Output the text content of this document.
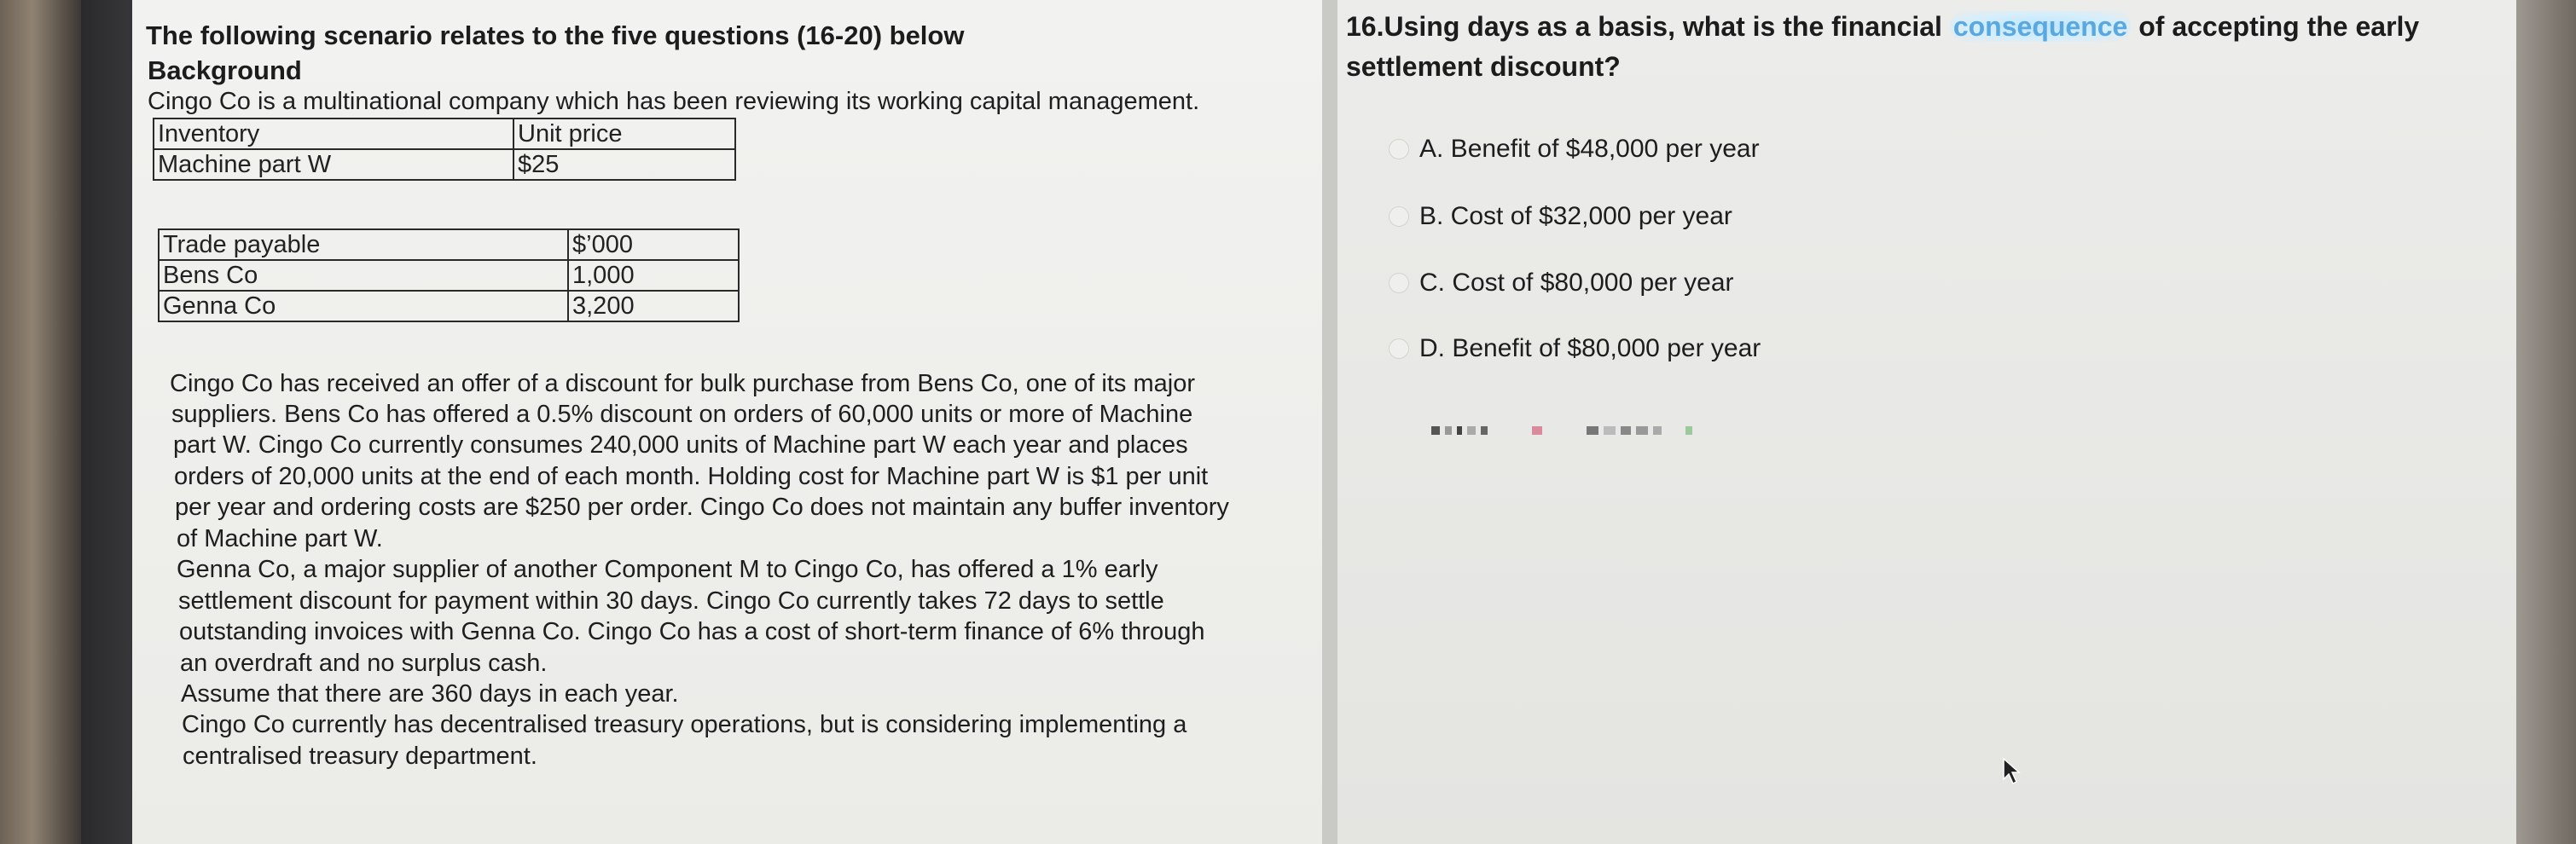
The following scenario relates to the five questions (16-20) below
Background
Cingo Co is a multinational company which has been reviewing its working capital management.
Inventory	Unit price
Machine part W	$25
Trade payable	$’000
Bens Co	1,000
Genna Co	3,200
Cingo Co has received an offer of a discount for bulk purchase from Bens Co, one of its major
suppliers. Bens Co has offered a 0.5% discount on orders of 60,000 units or more of Machine
part W. Cingo Co currently consumes 240,000 units of Machine part W each year and places
orders of 20,000 units at the end of each month. Holding cost for Machine part W is $1 per unit
per year and ordering costs are $250 per order. Cingo Co does not maintain any buffer inventory
of Machine part W.
Genna Co, a major supplier of another Component M to Cingo Co, has offered a 1% early
settlement discount for payment within 30 days. Cingo Co currently takes 72 days to settle
outstanding invoices with Genna Co. Cingo Co has a cost of short-term finance of 6% through
an overdraft and no surplus cash.
Assume that there are 360 days in each year.
Cingo Co currently has decentralised treasury operations, but is considering implementing a
centralised treasury department.
16.Using days as a basis, what is the financial consequence of accepting the early settlement discount?
A. Benefit of $48,000 per year
B. Cost of $32,000 per year
C. Cost of $80,000 per year
D. Benefit of $80,000 per year
